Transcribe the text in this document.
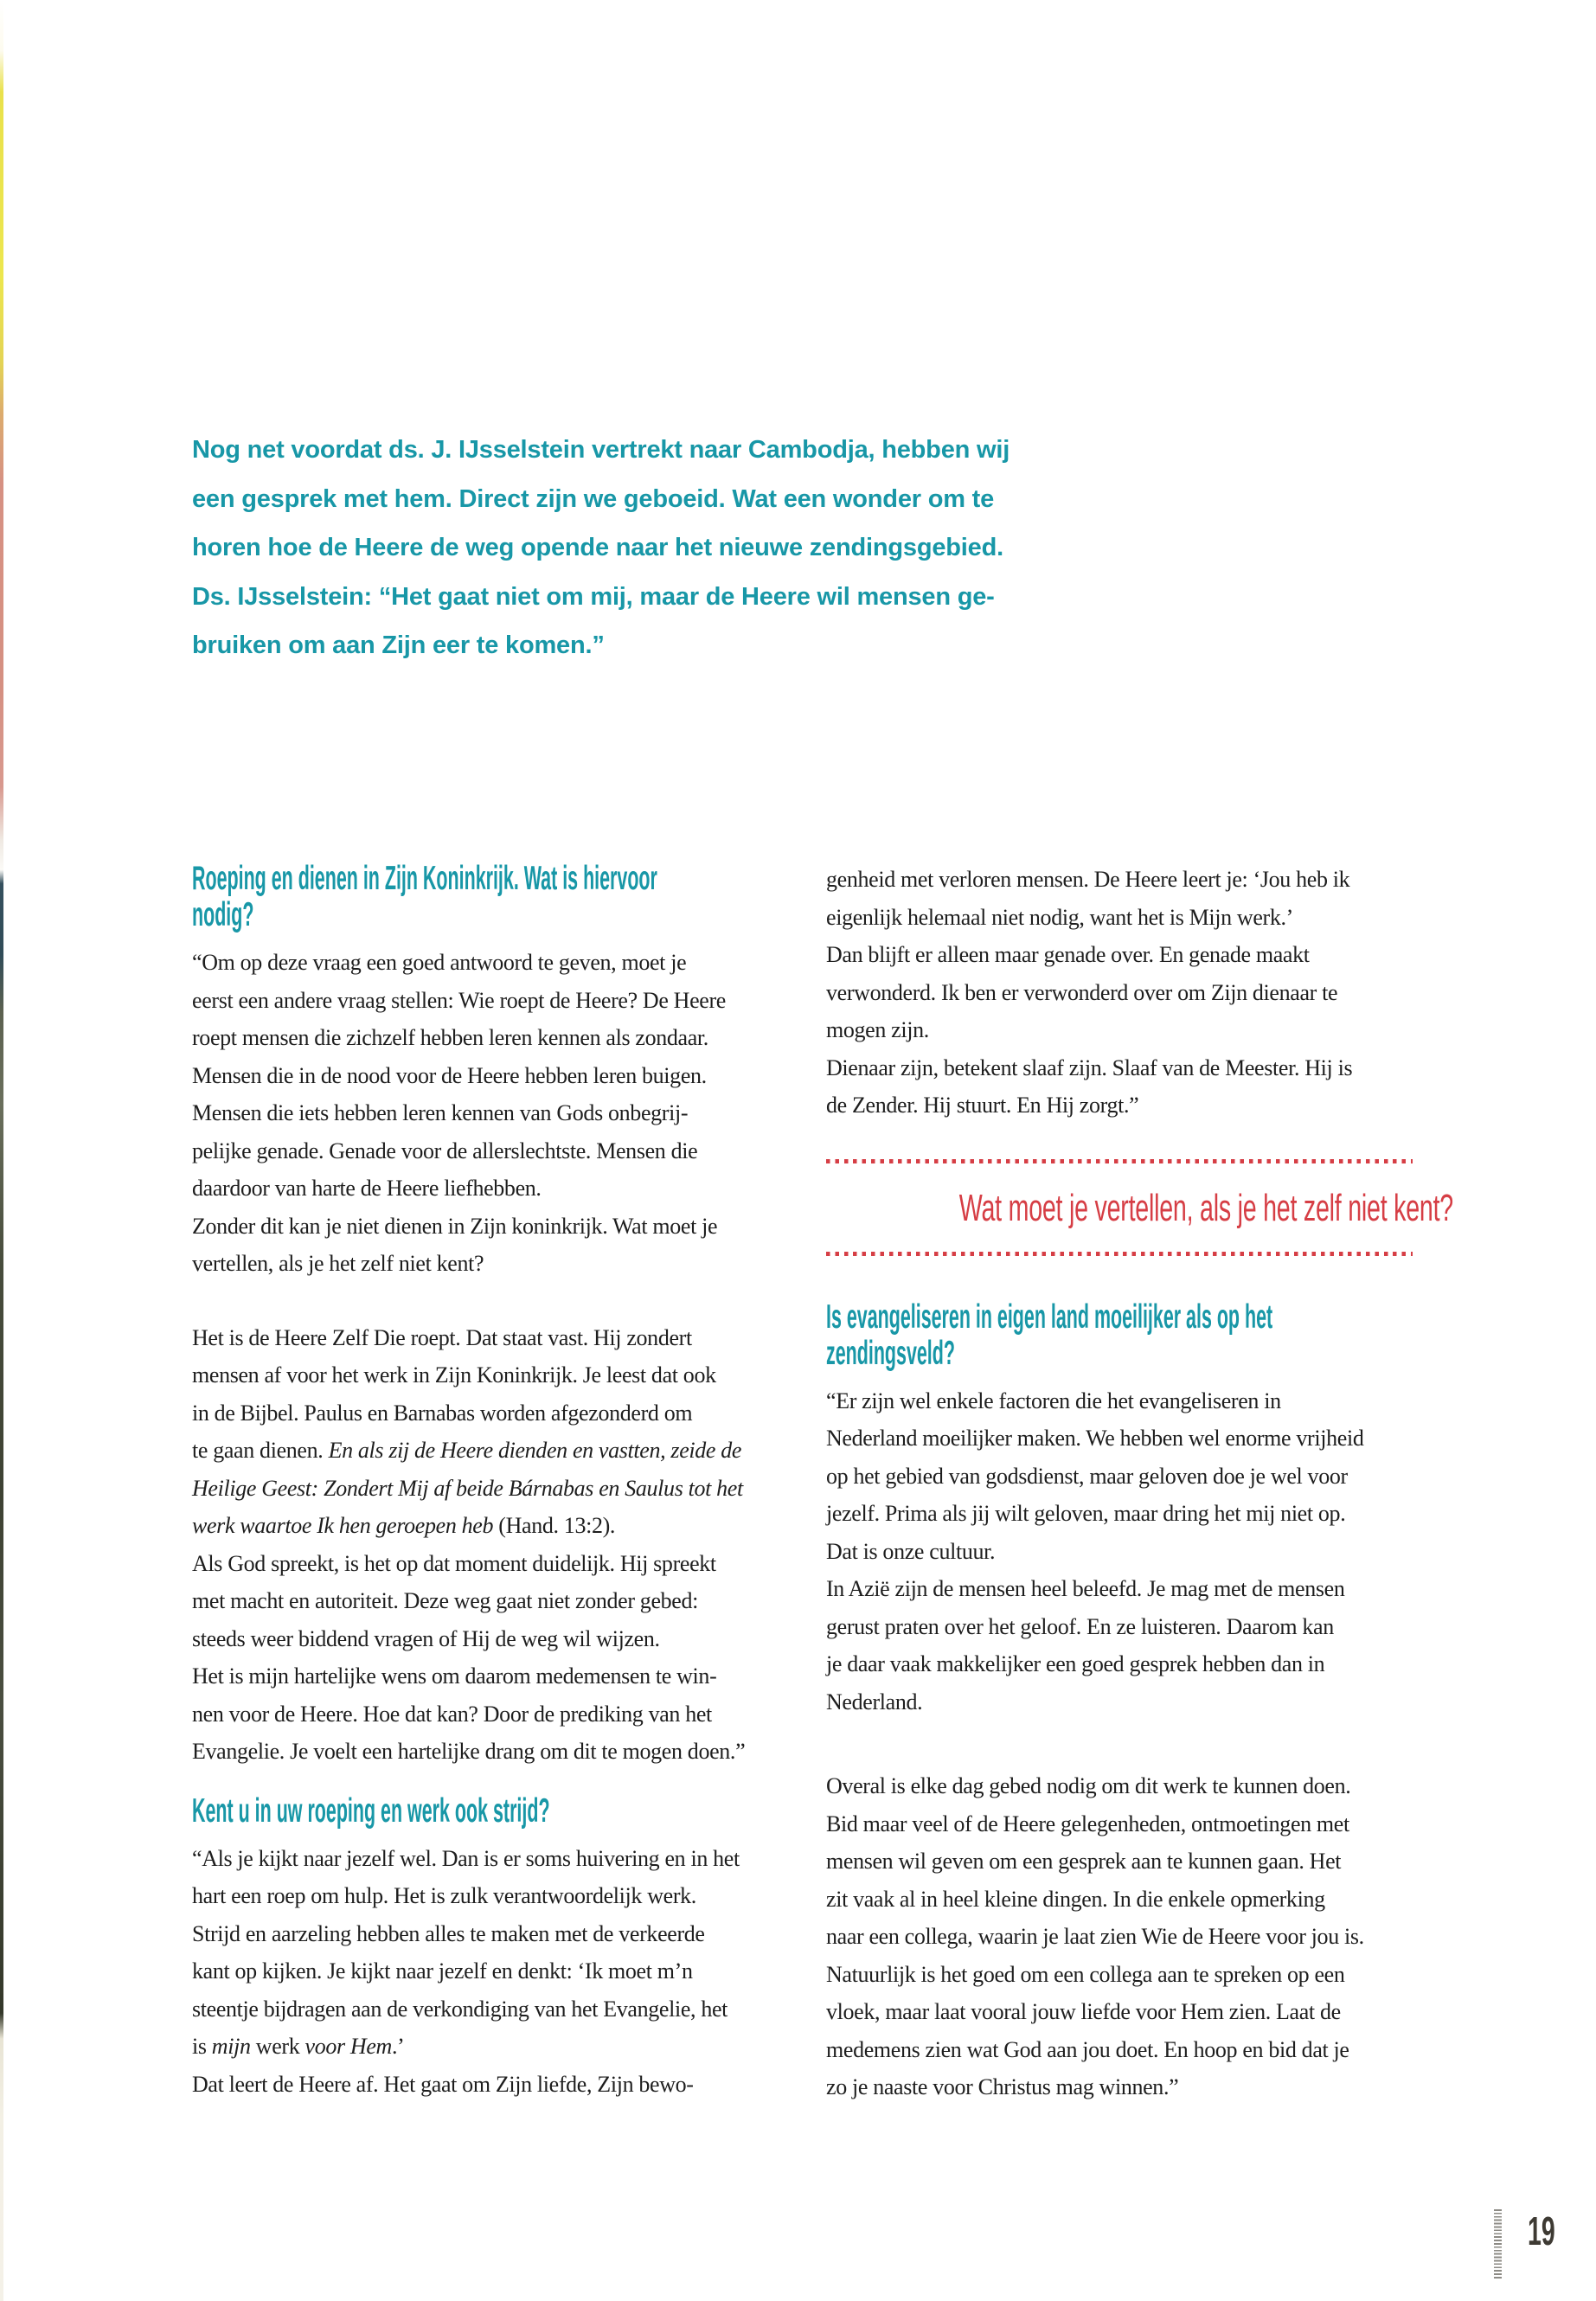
Nog net voordat ds. J. IJsselstein vertrekt naar Cambodja, hebben wij
een gesprek met hem. Direct zijn we geboeid. Wat een wonder om te
horen hoe de Heere de weg opende naar het nieuwe zendingsgebied.
Ds. IJsselstein: “Het gaat niet om mij, maar de Heere wil mensen ge-
bruiken om aan Zijn eer te komen.”
Roeping en dienen in Zijn Koninkrijk. Wat is hiervoor
nodig?

“Om op deze vraag een goed antwoord te geven, moet je
eerst een andere vraag stellen: Wie roept de Heere? De Heere
roept mensen die zichzelf hebben leren kennen als zondaar.
Mensen die in de nood voor de Heere hebben leren buigen.
Mensen die iets hebben leren kennen van Gods onbegrij-
pelijke genade. Genade voor de allerslechtste. Mensen die
daardoor van harte de Heere liefhebben.
Zonder dit kan je niet dienen in Zijn koninkrijk. Wat moet je
vertellen, als je het zelf niet kent?

Het is de Heere Zelf Die roept. Dat staat vast. Hij zondert
mensen af voor het werk in Zijn Koninkrijk. Je leest dat ook
in de Bijbel. Paulus en Barnabas worden afgezonderd om
te gaan dienen. En als zij de Heere dienden en vastten, zeide de
Heilige Geest: Zondert Mij af beide Bárnabas en Saulus tot het
werk waartoe Ik hen geroepen heb (Hand. 13:2).
Als God spreekt, is het op dat moment duidelijk. Hij spreekt
met macht en autoriteit. Deze weg gaat niet zonder gebed:
steeds weer biddend vragen of Hij de weg wil wijzen.
Het is mijn hartelijke wens om daarom medemensen te win-
nen voor de Heere. Hoe dat kan? Door de prediking van het
Evangelie. Je voelt een hartelijke drang om dit te mogen doen.”

Kent u in uw roeping en werk ook strijd?

“Als je kijkt naar jezelf wel. Dan is er soms huivering en in het
hart een roep om hulp. Het is zulk verantwoordelijk werk.
Strijd en aarzeling hebben alles te maken met de verkeerde
kant op kijken. Je kijkt naar jezelf en denkt: ‘Ik moet m’n
steentje bijdragen aan de verkondiging van het Evangelie, het
is mijn werk voor Hem.’
Dat leert de Heere af. Het gaat om Zijn liefde, Zijn bewo-

genheid met verloren mensen. De Heere leert je: ‘Jou heb ik
eigenlijk helemaal niet nodig, want het is Mijn werk.’
Dan blijft er alleen maar genade over. En genade maakt
verwonderd. Ik ben er verwonderd over om Zijn dienaar te
mogen zijn.
Dienaar zijn, betekent slaaf zijn. Slaaf van de Meester. Hij is
de Zender. Hij stuurt. En Hij zorgt.”

Wat moet je vertellen, als je het zelf niet kent?
Is evangeliseren in eigen land moeilijker als op het
zendingsveld?

“Er zijn wel enkele factoren die het evangeliseren in
Nederland moeilijker maken. We hebben wel enorme vrijheid
op het gebied van godsdienst, maar geloven doe je wel voor
jezelf. Prima als jij wilt geloven, maar dring het mij niet op.
Dat is onze cultuur.
In Azië zijn de mensen heel beleefd. Je mag met de mensen
gerust praten over het geloof. En ze luisteren. Daarom kan
je daar vaak makkelijker een goed gesprek hebben dan in
Nederland.

Overal is elke dag gebed nodig om dit werk te kunnen doen.
Bid maar veel of de Heere gelegenheden, ontmoetingen met
mensen wil geven om een gesprek aan te kunnen gaan. Het
zit vaak al in heel kleine dingen. In die enkele opmerking
naar een collega, waarin je laat zien Wie de Heere voor jou is.
Natuurlijk is het goed om een collega aan te spreken op een
vloek, maar laat vooral jouw liefde voor Hem zien. Laat de
medemens zien wat God aan jou doet. En hoop en bid dat je
zo je naaste voor Christus mag winnen.”

19
